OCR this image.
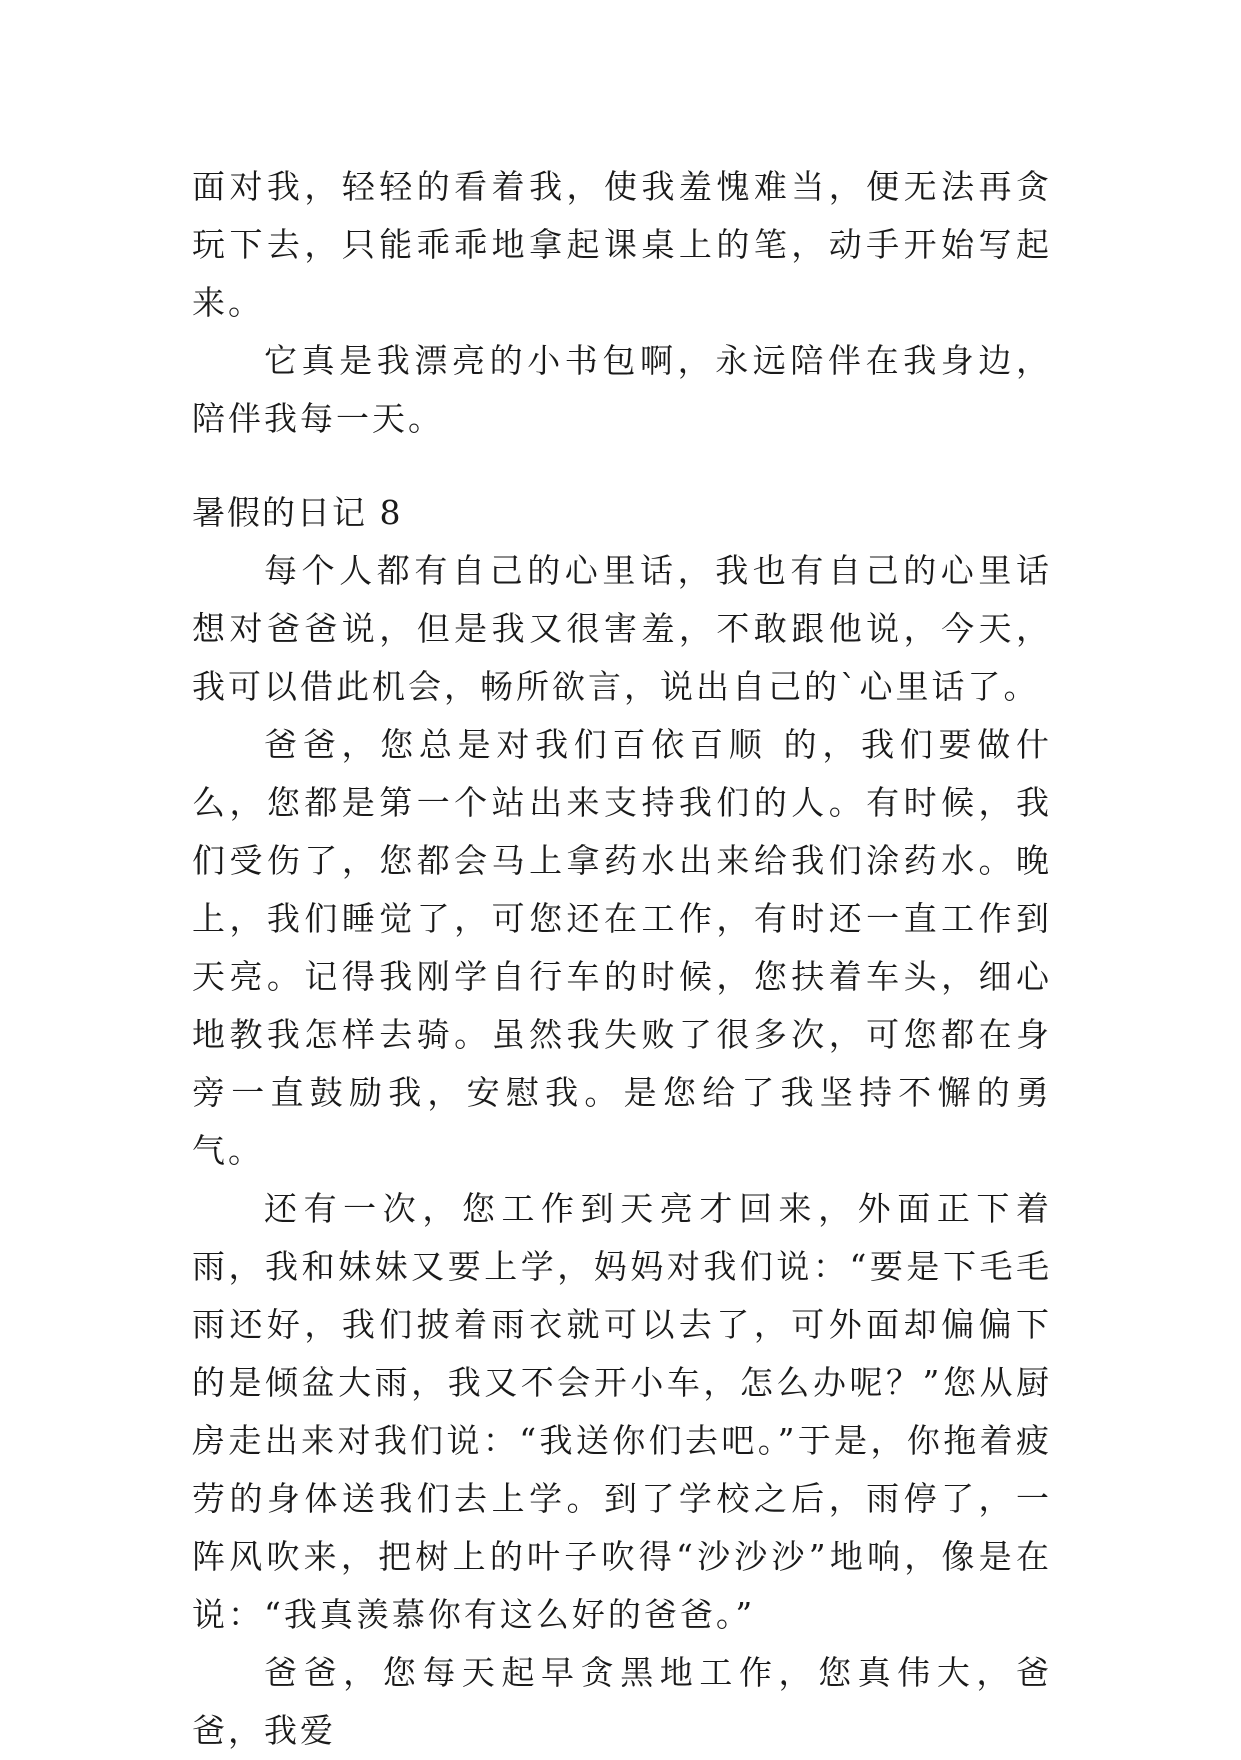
面对我，轻轻的看着我，使我羞愧难当，便无法再贪玩下去，只能乖乖地拿起课桌上的笔，动手开始写起来。

它真是我漂亮的小书包啊，永远陪伴在我身边，陪伴我每一天。

暑假的日记 8

每个人都有自己的心里话，我也有自己的心里话想对爸爸说，但是我又很害羞，不敢跟他说，今天，我可以借此机会，畅所欲言，说出自己的`心里话了。

爸爸，您总是对我们百依百顺 的，我们要做什么，您都是第一个站出来支持我们的人。有时候，我们受伤了，您都会马上拿药水出来给我们涂药水。晚上，我们睡觉了，可您还在工作，有时还一直工作到天亮。记得我刚学自行车的时候，您扶着车头，细心地教我怎样去骑。虽然我失败了很多次，可您都在身旁一直鼓励我，安慰我。是您给了我坚持不懈的勇气。

还有一次，您工作到天亮才回来，外面正下着雨，我和妹妹又要上学，妈妈对我们说：“要是下毛毛雨还好，我们披着雨衣就可以去了，可外面却偏偏下的是倾盆大雨，我又不会开小车，怎么办呢？”您从厨房走出来对我们说：“我送你们去吧。”于是，你拖着疲劳的身体送我们去上学。到了学校之后，雨停了，一阵风吹来，把树上的叶子吹得“沙沙沙”地响，像是在说：“我真羡慕你有这么好的爸爸。”

爸爸，您每天起早贪黑地工作，您真伟大，爸爸，我爱
